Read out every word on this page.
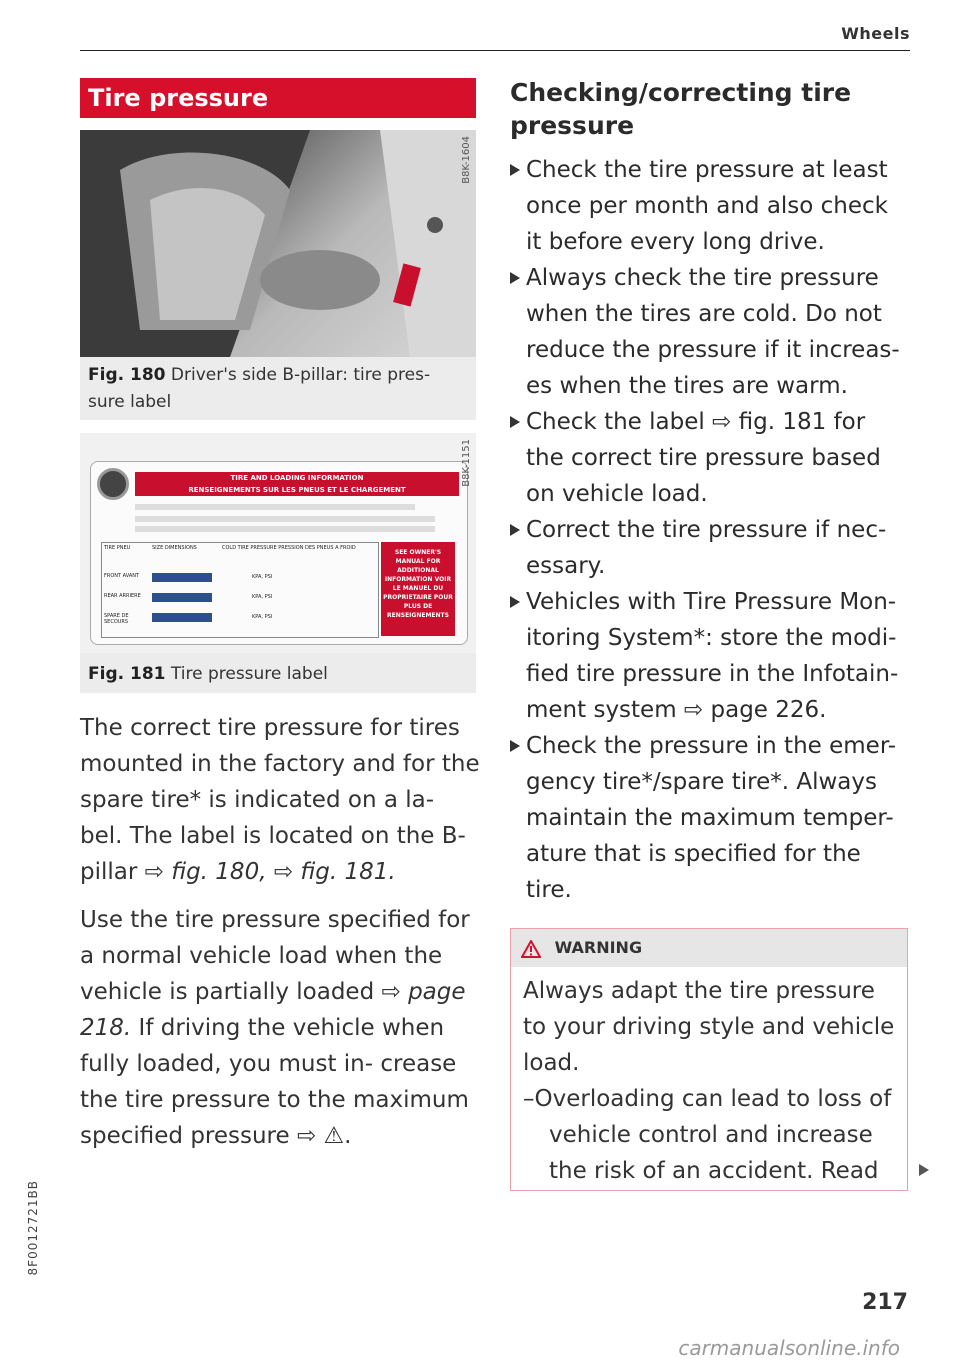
Wheels
Tire pressure
B8K-1604
Fig. 180 Driver's side B-pillar: tire pres- sure label
TIRE AND LOADING INFORMATION
RENSEIGNEMENTS SUR LES PNEUS ET LE CHARGEMENT
TIRE PNEU	SIZE DIMENSIONS	COLD TIRE PRESSURE PRESSION DES PNEUS A FROID
FRONT AVANT
REAR ARRIERE
SPARE DE SECOURS
KPA, PSI
KPA, PSI
KPA, PSI
SEE OWNER'S MANUAL FOR ADDITIONAL INFORMATION VOIR LE MANUEL DU PROPRIETAIRE POUR PLUS DE RENSEIGNEMENTS
B8K-1151
Fig. 181 Tire pressure label

The correct tire pressure for tires mounted in the factory and for the spare tire* is indicated on a la- bel. The label is located on the B- pillar ⇨ fig. 180, ⇨ fig. 181.

Use the tire pressure specified for a normal vehicle load when the vehicle is partially loaded ⇨ page 218. If driving the vehicle when fully loaded, you must in- crease the tire pressure to the maximum specified pressure ⇨ ⚠.

Checking/correcting tire pressure
Check the tire pressure at least once per month and also check it before every long drive.
Always check the tire pressure when the tires are cold. Do not reduce the pressure if it increas- es when the tires are warm.
Check the label ⇨ fig. 181 for the correct tire pressure based on vehicle load.
Correct the tire pressure if nec- essary.
Vehicles with Tire Pressure Mon- itoring System*: store the modi- fied tire pressure in the Infotain- ment system ⇨ page 226.
Check the pressure in the emer- gency tire*/spare tire*. Always maintain the maximum temper- ature that is specified for the tire.
WARNING
Always adapt the tire pressure to your driving style and vehicle load.
–Overloading can lead to loss of vehicle control and increase the risk of an accident. Read
217
8F0012721BB
carmanualsonline.info
